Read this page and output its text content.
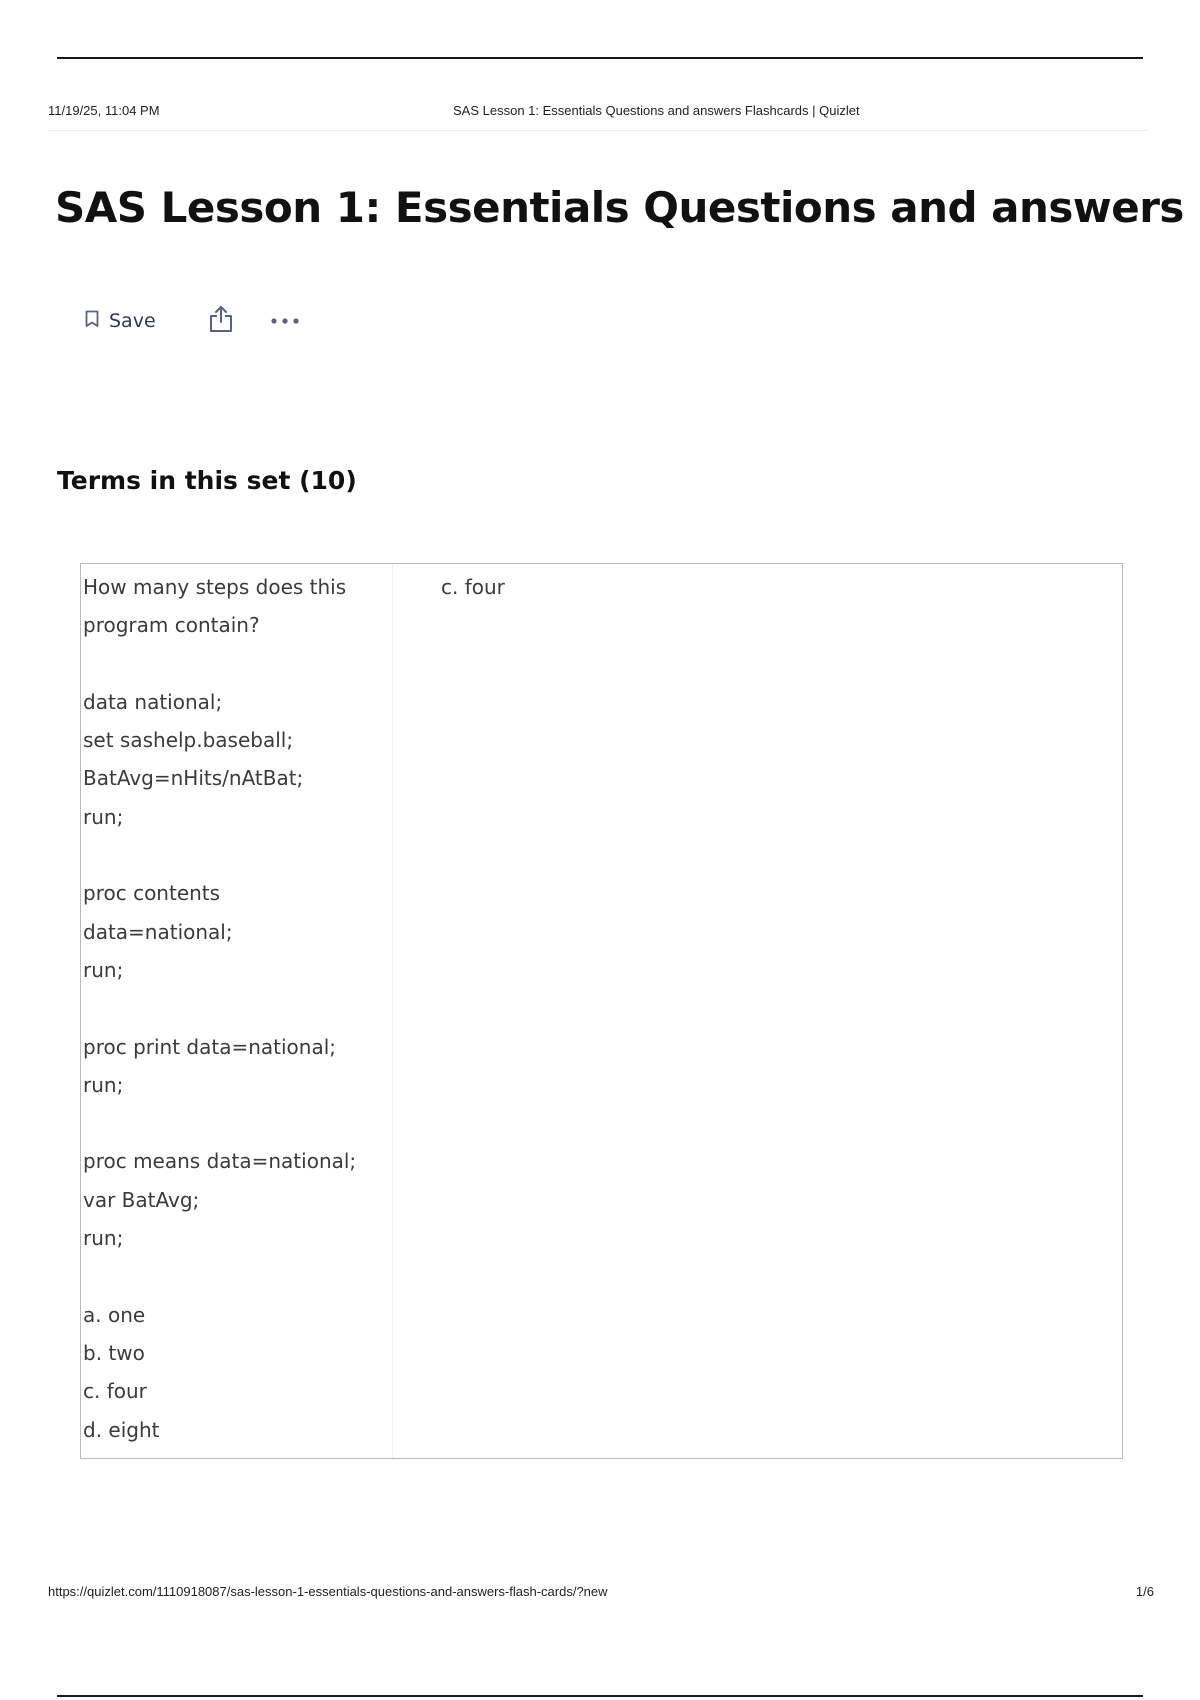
11/19/25, 11:04 PM	SAS Lesson 1: Essentials Questions and answers Flashcards | Quizlet
SAS Lesson 1: Essentials Questions and answers
Save
Terms in this set (10)
How many steps does this
program contain?
data national;
set sashelp.baseball;
BatAvg=nHits/nAtBat;
run;
proc contents
data=national;
run;
proc print data=national;
run;
proc means data=national;
var BatAvg;
run;
a. one
b. two
c. four
d. eight
c. four
https://quizlet.com/1110918087/sas-lesson-1-essentials-questions-and-answers-flash-cards/?new	1/6
